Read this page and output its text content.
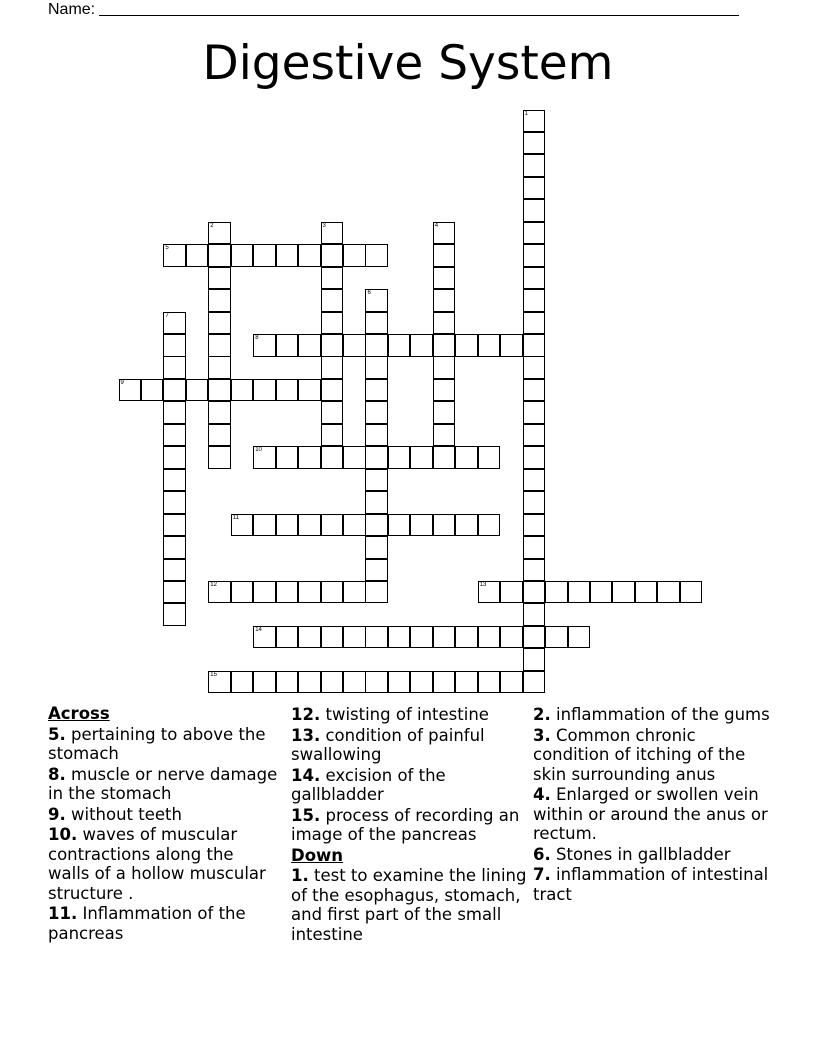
Name:
Digestive System
1
2	3	4
5
6
7
8
9
10
11
12	13
14
15
Across
5. pertaining to above the stomach
8. muscle or nerve damage in the stomach
9. without teeth
10. waves of muscular contractions along the walls of a hollow muscular structure .
11. Inflammation of the pancreas
12. twisting of intestine
13. condition of painful swallowing
14. excision of the gallbladder
15. process of recording an image of the pancreas
Down
1. test to examine the lining of the esophagus, stomach, and first part of the small intestine
2. inflammation of the gums
3. Common chronic condition of itching of the skin surrounding anus
4. Enlarged or swollen vein within or around the anus or rectum.
6. Stones in gallbladder
7. inflammation of intestinal tract
